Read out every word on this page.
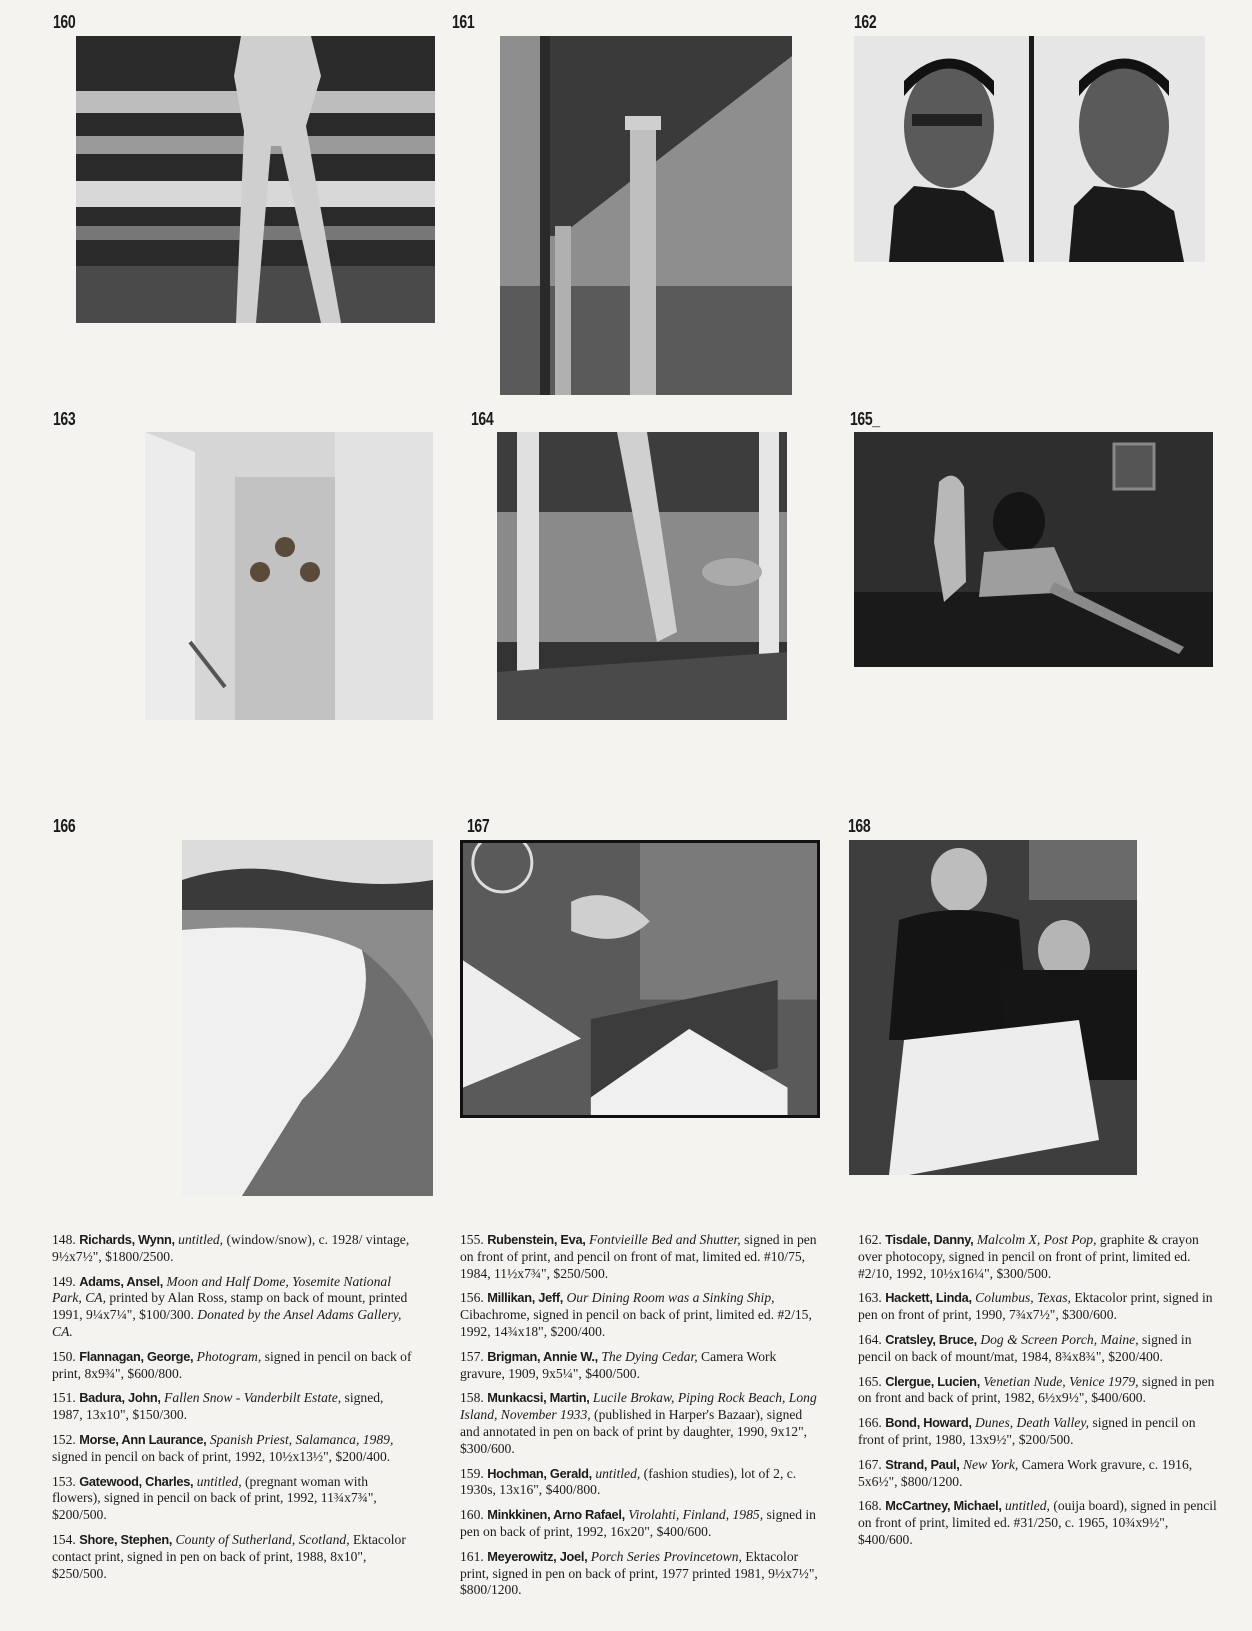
160	161	162
163	164	165_
166	167	168
148. Richards, Wynn, untitled, (window/snow), c. 1928/ vintage, 9½x7½", $1800/2500.
149. Adams, Ansel, Moon and Half Dome, Yosemite National Park, CA, printed by Alan Ross, stamp on back of mount, printed 1991, 9¼x7¼", $100/300. Donated by the Ansel Adams Gallery, CA.
150. Flannagan, George, Photogram, signed in pencil on back of print, 8x9¾", $600/800.
151. Badura, John, Fallen Snow - Vanderbilt Estate, signed, 1987, 13x10", $150/300.
152. Morse, Ann Laurance, Spanish Priest, Salamanca, 1989, signed in pencil on back of print, 1992, 10½x13½", $200/400.
153. Gatewood, Charles, untitled, (pregnant woman with flowers), signed in pencil on back of print, 1992, 11¾x7¾", $200/500.
154. Shore, Stephen, County of Sutherland, Scotland, Ektacolor contact print, signed in pen on back of print, 1988, 8x10", $250/500.
155. Rubenstein, Eva, Fontvieille Bed and Shutter, signed in pen on front of print, and pencil on front of mat, limited ed. #10/75, 1984, 11½x7¾", $250/500.
156. Millikan, Jeff, Our Dining Room was a Sinking Ship, Cibachrome, signed in pencil on back of print, limited ed. #2/15, 1992, 14¾x18", $200/400.
157. Brigman, Annie W., The Dying Cedar, Camera Work gravure, 1909, 9x5¼", $400/500.
158. Munkacsi, Martin, Lucile Brokaw, Piping Rock Beach, Long Island, November 1933, (published in Harper's Bazaar), signed and annotated in pen on back of print by daughter, 1990, 9x12", $300/600.
159. Hochman, Gerald, untitled, (fashion studies), lot of 2, c. 1930s, 13x16", $400/800.
160. Minkkinen, Arno Rafael, Virolahti, Finland, 1985, signed in pen on back of print, 1992, 16x20", $400/600.
161. Meyerowitz, Joel, Porch Series Provincetown, Ektacolor print, signed in pen on back of print, 1977 printed 1981, 9½x7½", $800/1200.
162. Tisdale, Danny, Malcolm X, Post Pop, graphite & crayon over photocopy, signed in pencil on front of print, limited ed. #2/10, 1992, 10½x16¼", $300/500.
163. Hackett, Linda, Columbus, Texas, Ektacolor print, signed in pen on front of print, 1990, 7¾x7½", $300/600.
164. Cratsley, Bruce, Dog & Screen Porch, Maine, signed in pencil on back of mount/mat, 1984, 8¾x8¾", $200/400.
165. Clergue, Lucien, Venetian Nude, Venice 1979, signed in pen on front and back of print, 1982, 6½x9½", $400/600.
166. Bond, Howard, Dunes, Death Valley, signed in pencil on front of print, 1980, 13x9½", $200/500.
167. Strand, Paul, New York, Camera Work gravure, c. 1916, 5x6½", $800/1200.
168. McCartney, Michael, untitled, (ouija board), signed in pencil on front of print, limited ed. #31/250, c. 1965, 10¾x9½", $400/600.
